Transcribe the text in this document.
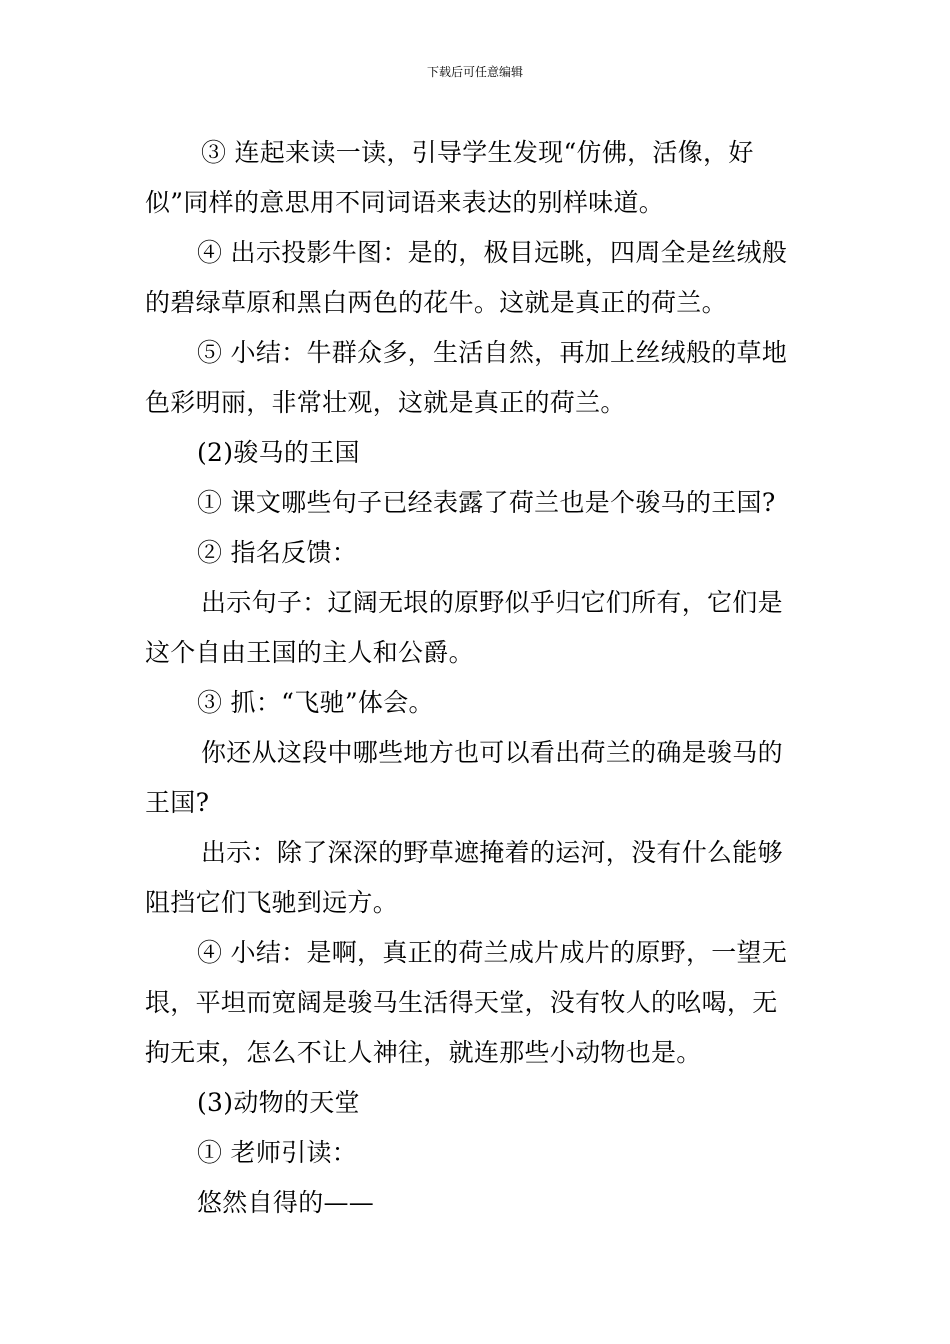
下载后可任意编辑
③ 连起来读一读，引导学生发现“仿佛，活像，好
似”同样的意思用不同词语来表达的别样味道。
④ 出示投影牛图：是的，极目远眺，四周全是丝绒般
的碧绿草原和黑白两色的花牛。这就是真正的荷兰。
⑤ 小结：牛群众多，生活自然，再加上丝绒般的草地
色彩明丽，非常壮观，这就是真正的荷兰。
(2)骏马的王国
① 课文哪些句子已经表露了荷兰也是个骏马的王国?
② 指名反馈：
出示句子：辽阔无垠的原野似乎归它们所有，它们是
这个自由王国的主人和公爵。
③ 抓：“飞驰”体会。
你还从这段中哪些地方也可以看出荷兰的确是骏马的
王国?
出示：除了深深的野草遮掩着的运河，没有什么能够
阻挡它们飞驰到远方。
④ 小结：是啊，真正的荷兰成片成片的原野，一望无
垠，平坦而宽阔是骏马生活得天堂，没有牧人的吆喝，无
拘无束，怎么不让人神往，就连那些小动物也是。
(3)动物的天堂
① 老师引读：
悠然自得的——
